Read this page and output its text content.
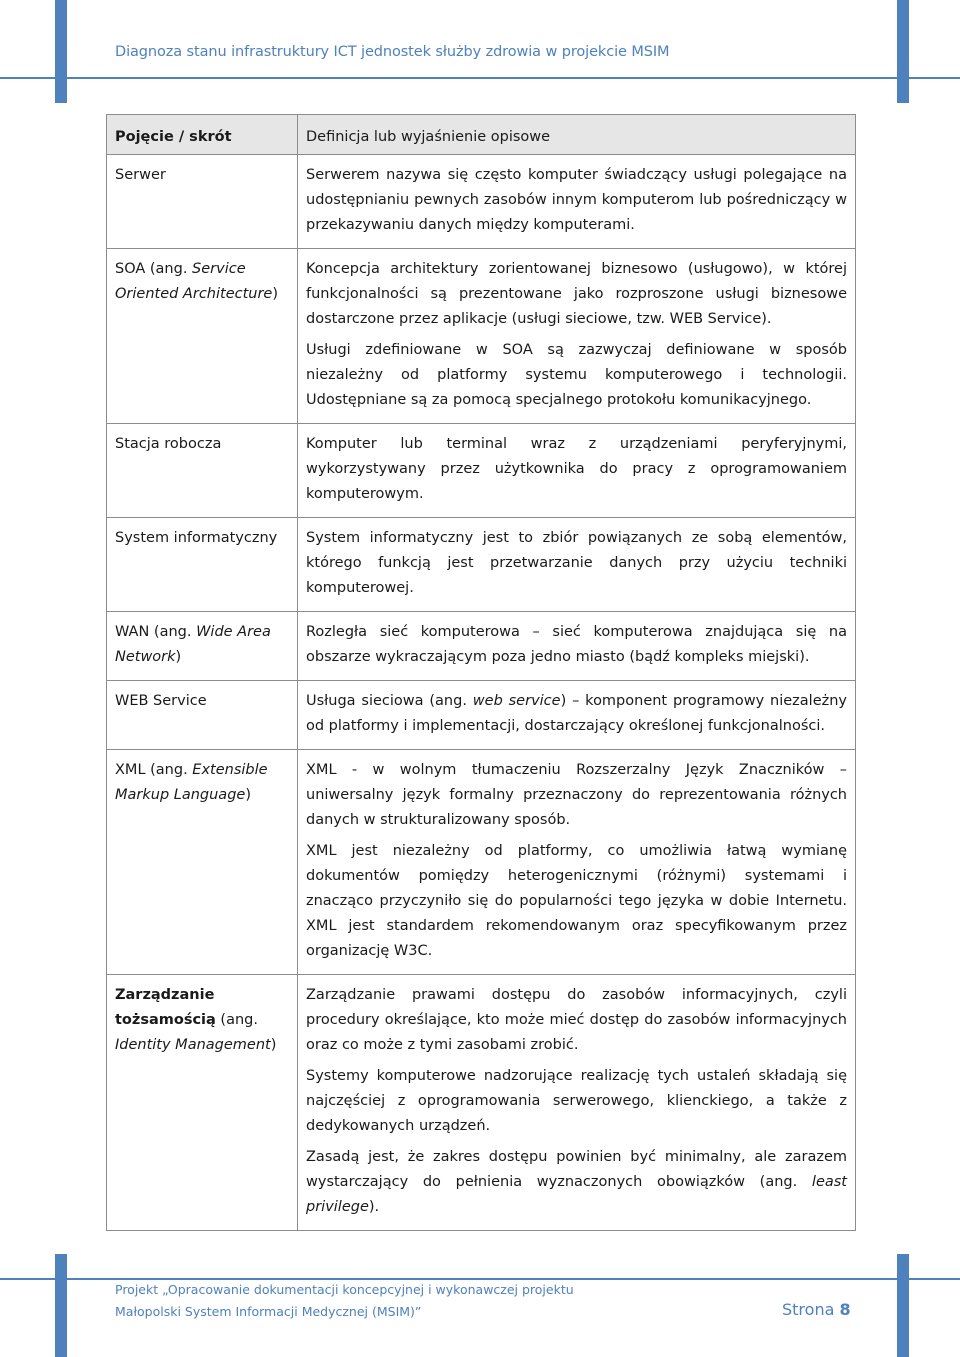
Diagnoza stanu infrastruktury ICT jednostek służby zdrowia w projekcie MSIM
Pojęcie / skrót	Definicja lub wyjaśnienie opisowe
Serwer	Serwerem nazywa się często komputer świadczący usługi polegające na udostępnianiu pewnych zasobów innym komputerom lub pośredniczący w przekazywaniu danych między komputerami.

SOA (ang. Service Oriented Architecture)	Koncepcja architektury zorientowanej biznesowo (usługowo), w której funkcjonalności są prezentowane jako rozproszone usługi biznesowe dostarczone przez aplikacje (usługi sieciowe, tzw. WEB Service).

Usługi zdefiniowane w SOA są zazwyczaj definiowane w sposób niezależny od platformy systemu komputerowego i technologii. Udostępniane są za pomocą specjalnego protokołu komunikacyjnego.

Stacja robocza	Komputer lub terminal wraz z urządzeniami peryferyjnymi, wykorzystywany przez użytkownika do pracy z oprogramowaniem komputerowym.

System informatyczny	System informatyczny jest to zbiór powiązanych ze sobą elementów, którego funkcją jest przetwarzanie danych przy użyciu techniki komputerowej.

WAN (ang. Wide Area Network)	Rozległa sieć komputerowa – sieć komputerowa znajdująca się na obszarze wykraczającym poza jedno miasto (bądź kompleks miejski).

WEB Service	Usługa sieciowa (ang. web service) – komponent programowy niezależny od platformy i implementacji, dostarczający określonej funkcjonalności.

XML (ang. Extensible Markup Language)	XML - w wolnym tłumaczeniu Rozszerzalny Język Znaczników – uniwersalny język formalny przeznaczony do reprezentowania różnych danych w strukturalizowany sposób.

XML jest niezależny od platformy, co umożliwia łatwą wymianę dokumentów pomiędzy heterogenicznymi (różnymi) systemami i znacząco przyczyniło się do popularności tego języka w dobie Internetu. XML jest standardem rekomendowanym oraz specyfikowanym przez organizację W3C.

Zarządzanie tożsamością (ang. Identity Management)	Zarządzanie prawami dostępu do zasobów informacyjnych, czyli procedury określające, kto może mieć dostęp do zasobów informacyjnych oraz co może z tymi zasobami zrobić.

Systemy komputerowe nadzorujące realizację tych ustaleń składają się najczęściej z oprogramowania serwerowego, klienckiego, a także z dedykowanych urządzeń.

Zasadą jest, że zakres dostępu powinien być minimalny, ale zarazem wystarczający do pełnienia wyznaczonych obowiązków (ang. least privilege).

Projekt „Opracowanie dokumentacji koncepcyjnej i wykonawczej projektu
Małopolski System Informacji Medycznej (MSIM)”	Strona 8
